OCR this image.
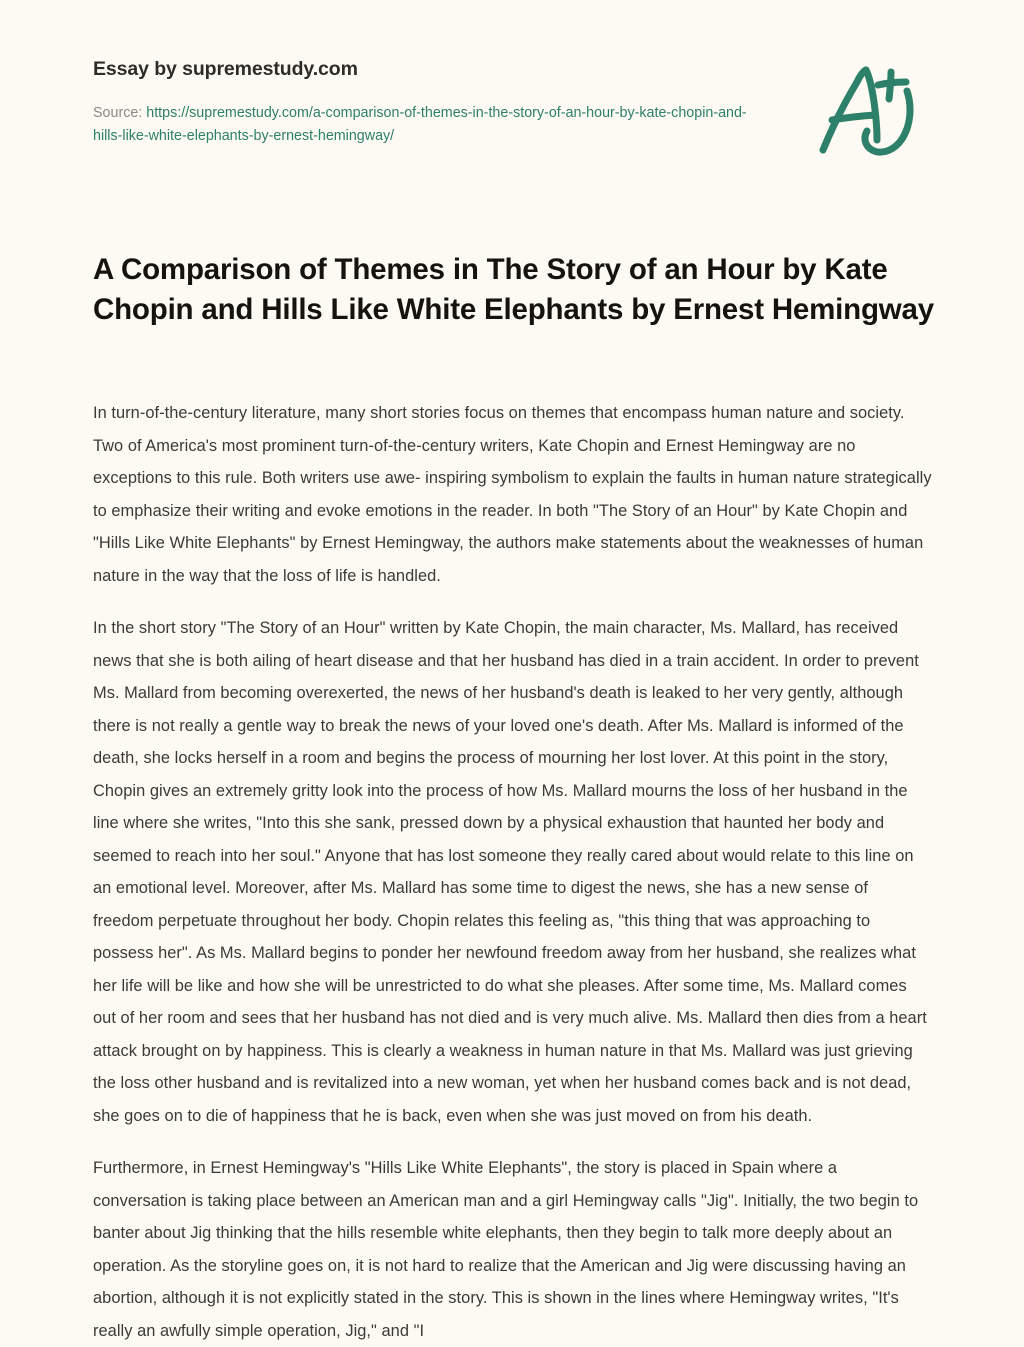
Essay by supremestudy.com

Source: https://supremestudy.com/a-comparison-of-themes-in-the-story-of-an-hour-by-kate-chopin-and-hills-like-white-elephants-by-ernest-hemingway/
A Comparison of Themes in The Story of an Hour by Kate Chopin and Hills Like White Elephants by Ernest Hemingway

In turn-of-the-century literature, many short stories focus on themes that encompass human nature and society. Two of America's most prominent turn-of-the-century writers, Kate Chopin and Ernest Hemingway are no exceptions to this rule. Both writers use awe- inspiring symbolism to explain the faults in human nature strategically to emphasize their writing and evoke emotions in the reader. In both "The Story of an Hour" by Kate Chopin and "Hills Like White Elephants" by Ernest Hemingway, the authors make statements about the weaknesses of human nature in the way that the loss of life is handled.

In the short story "The Story of an Hour" written by Kate Chopin, the main character, Ms. Mallard, has received news that she is both ailing of heart disease and that her husband has died in a train accident. In order to prevent Ms. Mallard from becoming overexerted, the news of her husband's death is leaked to her very gently, although there is not really a gentle way to break the news of your loved one's death. After Ms. Mallard is informed of the death, she locks herself in a room and begins the process of mourning her lost lover. At this point in the story, Chopin gives an extremely gritty look into the process of how Ms. Mallard mourns the loss of her husband in the line where she writes, "Into this she sank, pressed down by a physical exhaustion that haunted her body and seemed to reach into her soul." Anyone that has lost someone they really cared about would relate to this line on an emotional level. Moreover, after Ms. Mallard has some time to digest the news, she has a new sense of freedom perpetuate throughout her body. Chopin relates this feeling as, "this thing that was approaching to possess her". As Ms. Mallard begins to ponder her newfound freedom away from her husband, she realizes what her life will be like and how she will be unrestricted to do what she pleases. After some time, Ms. Mallard comes out of her room and sees that her husband has not died and is very much alive. Ms. Mallard then dies from a heart attack brought on by happiness. This is clearly a weakness in human nature in that Ms. Mallard was just grieving the loss other husband and is revitalized into a new woman, yet when her husband comes back and is not dead, she goes on to die of happiness that he is back, even when she was just moved on from his death.

Furthermore, in Ernest Hemingway's "Hills Like White Elephants", the story is placed in Spain where a conversation is taking place between an American man and a girl Hemingway calls "Jig". Initially, the two begin to banter about Jig thinking that the hills resemble white elephants, then they begin to talk more deeply about an operation. As the storyline goes on, it is not hard to realize that the American and Jig were discussing having an abortion, although it is not explicitly stated in the story. This is shown in the lines where Hemingway writes, "It's really an awfully simple operation, Jig," and "I
